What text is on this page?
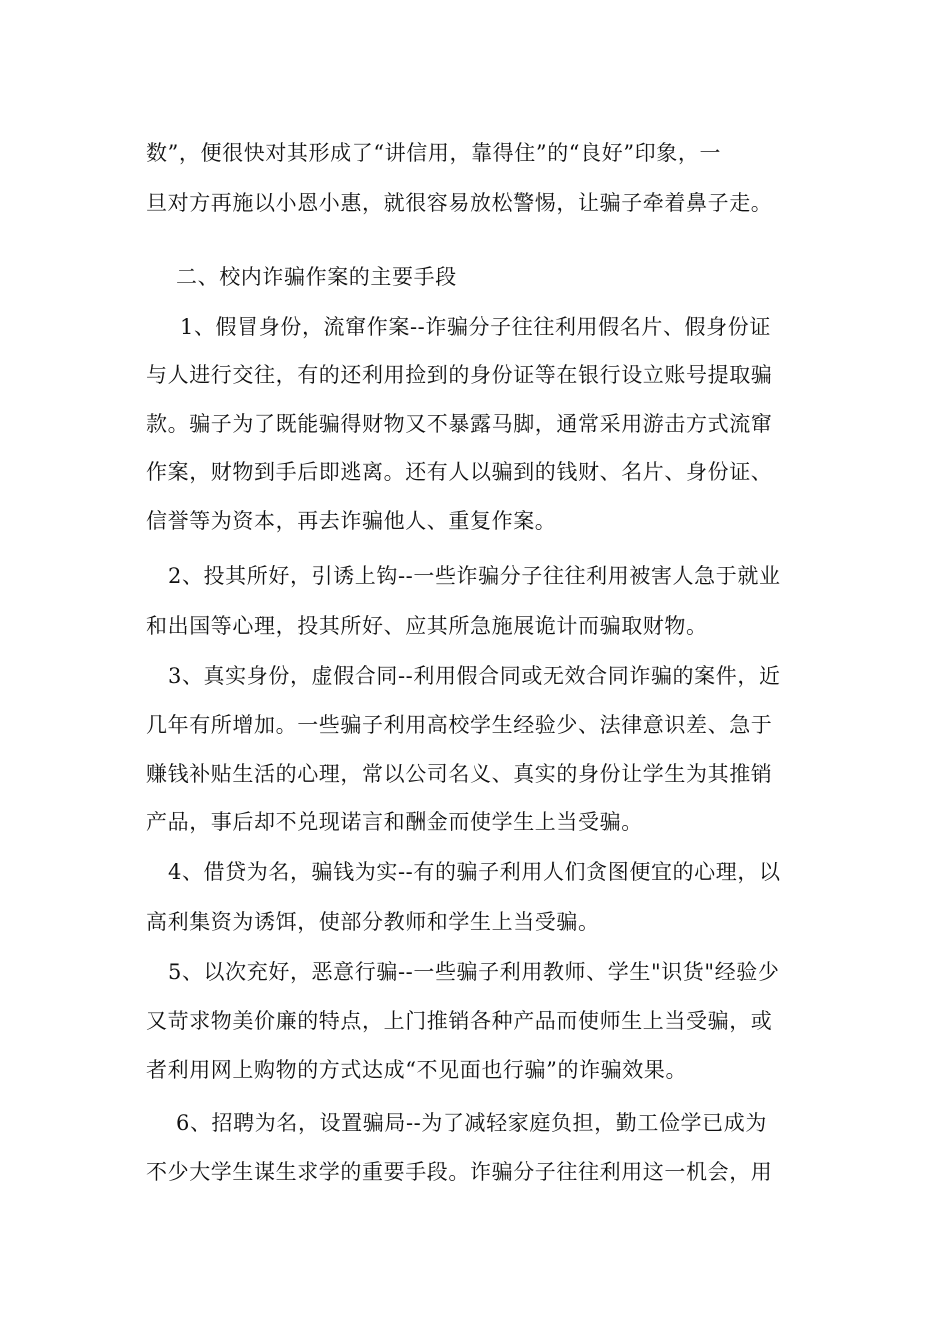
数”，便很快对其形成了“讲信用，靠得住”的“良好”印象，一
旦对方再施以小恩小惠，就很容易放松警惕，让骗子牵着鼻子走。
二、校内诈骗作案的主要手段
1、假冒身份，流窜作案--诈骗分子往往利用假名片、假身份证
与人进行交往，有的还利用捡到的身份证等在银行设立账号提取骗
款。骗子为了既能骗得财物又不暴露马脚，通常采用游击方式流窜
作案，财物到手后即逃离。还有人以骗到的钱财、名片、身份证、
信誉等为资本，再去诈骗他人、重复作案。
2、投其所好，引诱上钩--一些诈骗分子往往利用被害人急于就业
和出国等心理，投其所好、应其所急施展诡计而骗取财物。
3、真实身份，虚假合同--利用假合同或无效合同诈骗的案件，近
几年有所增加。一些骗子利用高校学生经验少、法律意识差、急于
赚钱补贴生活的心理，常以公司名义、真实的身份让学生为其推销
产品，事后却不兑现诺言和酬金而使学生上当受骗。
4、借贷为名，骗钱为实--有的骗子利用人们贪图便宜的心理，以
高利集资为诱饵，使部分教师和学生上当受骗。
5、以次充好，恶意行骗--一些骗子利用教师、学生"识货"经验少
又苛求物美价廉的特点，上门推销各种产品而使师生上当受骗，或
者利用网上购物的方式达成“不见面也行骗”的诈骗效果。
6、招聘为名，设置骗局--为了减轻家庭负担，勤工俭学已成为
不少大学生谋生求学的重要手段。诈骗分子往往利用这一机会，用
